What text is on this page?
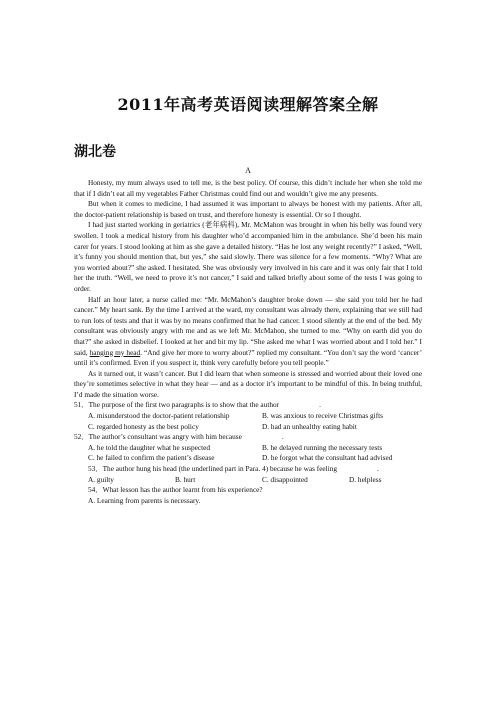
2011年高考英语阅读理解答案全解
湖北卷
A

Honesty, my mum always used to tell me, is the best policy. Of course, this didn’t include her when she told me that if I didn’t eat all my vegetables Father Christmas could find out and wouldn’t give me any presents.

But when it comes to medicine, I had assumed it was important to always be honest with my patients. After all, the doctor-patient relationship is based on trust, and therefore honesty is essential. Or so I thought.

I had just started working in geriatrics (老年病科), Mr. McMahon was brought in when his belly was found very swollen. I took a medical history from his daughter who’d accompanied him in the ambulance. She’d been his main carer for years. I stood looking at him as she gave a detailed history. “Has he lost any weight recently?” I asked, “Well, it’s funny you should mention that, but yes,” she said slowly. There was silence for a few moments. “Why? What are you worried about?” she asked. I hesitated. She was obviously very involved in his care and it was only fair that I told her the truth. “Well, we need to prove it’s not cancer,” I said and talked briefly about some of the tests I was going to order.

Half an hour later, a nurse called me: “Mr. McMahon’s daughter broke down — she said you told her he had cancer.” My heart sank. By the time I arrived at the ward, my consultant was already there, explaining that we still had to run lots of tests and that it was by no means confirmed that he had cancer. I stood silently at the end of the bed. My consultant was obviously angry with me and as we left Mr. McMahon, she turned to me. “Why on earth did you do that?” she asked in disbelief. I looked at her and bit my lip. “She asked me what I was worried about and I told her.” I said, hanging my head. “And give her more to worry about?” replied my consultant. “You don’t say the word ‘cancer’ until it’s confirmed. Even if you suspect it, think very carefully before you tell people.”

As it turned out, it wasn’t cancer. But I did learn that when someone is stressed and worried about their loved one they’re sometimes selective in what they hear — and as a doctor it’s important to be mindful of this. In being truthful, I’d made the situation worse.

51．The purpose of the first two paragraphs is to show that the author	.
A. misunderstood the doctor-patient relationship	B. was anxious to receive Christmas gifts
C. regarded honesty as the best policy	D. had an unhealthy eating habit
52．The author’s consultant was angry with him because	.
A. he told the daughter what he suspected	B. he delayed running the necessary tests
C. he failed to confirm the patient’s disease	D. he forgot what the consultant had advised
53．The author hung his head (the underlined part in Para. 4) because he was feeling	.
A. guilty	B. hurt	C. disappointed	D. helpless
54．What lesson has the author learnt from his experience?
A. Learning from parents is necessary.
